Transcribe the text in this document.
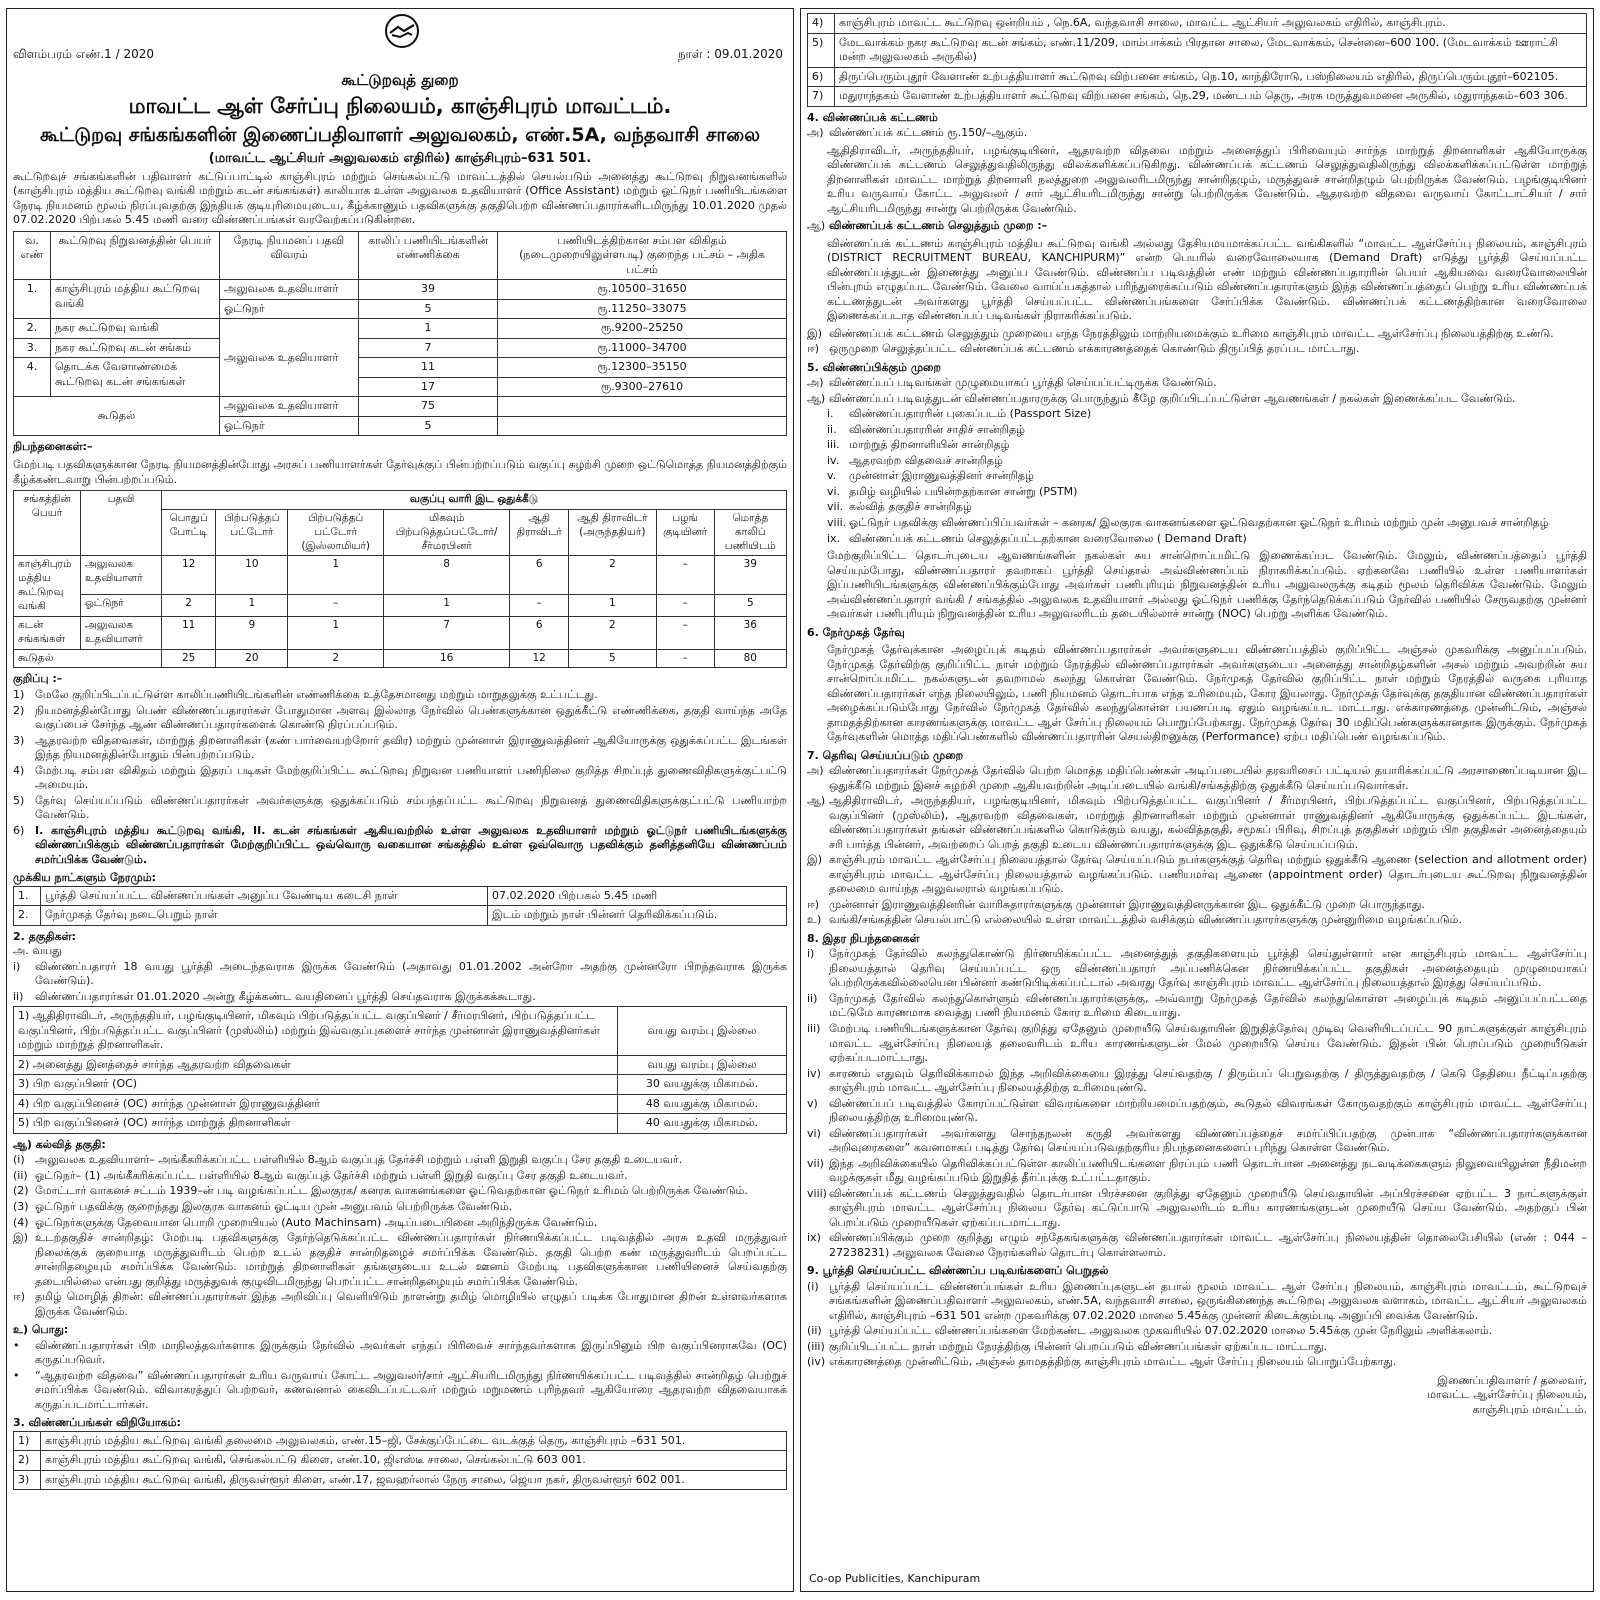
விளம்பரம் எண்.1 / 2020	நாள் : 09.01.2020
கூட்டுறவுத் துறை
மாவட்ட ஆள் சேர்ப்பு நிலையம், காஞ்சிபுரம் மாவட்டம்.
கூட்டுறவு சங்கங்களின் இணைப்பதிவாளர் அலுவலகம், எண்.5A, வந்தவாசி சாலை
(மாவட்ட ஆட்சியர் அலுவலகம் எதிரில்) காஞ்சிபுரம்–631 501.
கூட்டுறவுச் சங்கங்களின் பதிவாளர் கட்டுப்பாட்டில் காஞ்சிபுரம் மற்றும் செங்கல்பட்டு மாவட்டத்தில் செயல்படும் அனைத்து கூட்டுறவு நிறுவனங்களில் (காஞ்சிபுரம் மத்திய கூட்டுறவு வங்கி மற்றும் கடன் சங்கங்கள்) காலியாக உள்ள அலுவலக உதவியாளர் (Office Assistant) மற்றும் ஓட்டுநர் பணியிடங்களை நேரடி நியமனம் மூலம் நிரப்புவதற்கு இந்தியக் குடியுரிமையுடைய, கீழ்க்காணும் பதவிகளுக்கு தகுதிபெற்ற விண்ணப்பதாரர்களிடமிருந்து 10.01.2020 முதல் 07.02.2020 பிற்பகல் 5.45 மணி வரை விண்ணப்பங்கள் வரவேற்கப்படுகின்றன.
வ. எண்	கூட்டுறவு நிறுவனத்தின் பெயர்	நேரடி நியமனப் பதவி விவரம்	காலிப் பணியிடங்களின் எண்ணிக்கை	பணியிடத்திற்கான சம்பள விகிதம் (நடைமுறையிலுள்ளபடி) குறைந்த பட்சம் – அதிக பட்சம்
1.	காஞ்சிபுரம் மத்திய கூட்டுறவு வங்கி	அலுவலக உதவியாளர்	39	ரூ.10500–31650
		ஓட்டுநர்	5	ரூ.11250–33075
2.	நகர கூட்டுறவு வங்கி	அலுவலக உதவியாளர்	1	ரூ.9200–25250
3.	நகர கூட்டுறவு கடன் சங்கம்		7	ரூ.11000–34700
4.	தொடக்க வேளாண்மைக் கூட்டுறவு கடன் சங்கங்கள்		11	ரூ.12300–35150
			17	ரூ.9300–27610
கூடுதல்		அலுவலக உதவியாளர்	75	
		ஓட்டுநர்	5	
நிபந்தனைகள்:–
மேற்படி பதவிகளுக்கான நேரடி நியமனத்தின்போது அரசுப் பணியாளர்கள் தேர்வுக்குப் பின்பற்றப்படும் வகுப்பு சுழற்சி முறை ஒட்டுமொத்த நியமனத்திற்கும் கீழ்க்கண்டவாறு பின்பற்றப்படும்.
சங்கத்தின் பெயர்	பதவி	வகுப்பு வாரி இட ஒதுக்கீடு							
		பொதுப் போட்டி	பிற்படுத்தப் பட்டோர்	பிற்படுத்தப் பட்டோர் (இஸ்லாமியர்)	மிகவும் பிற்படுத்தப்பட்டோர்/ சீர்மரபினர்	ஆதி திராவிடர்	ஆதி திராவிடர் (அருந்ததியர்)	பழங் குடியினர்	மொத்த காலிப் பணியிடம்
காஞ்சிபுரம் மத்திய கூட்டுறவு வங்கி	அலுவலக உதவியாளர்	12	10	1	8	6	2	–	39
	ஓட்டுநர்	2	1	–	1	–	1	–	5
கடன் சங்கங்கள்	அலுவலக உதவியாளர்	11	9	1	7	6	2	–	36
கூடுதல்		25	20	2	16	12	5	–	80
குறிப்பு :–
1) மேலே குறிப்பிடப்பட்டுள்ள காலிப்பணியிடங்களின் எண்ணிக்கை உத்தேசமானது மற்றும் மாறுதலுக்கு உட்பட்டது.
2) நியமனத்தின்போது பெண் விண்ணப்பதாரர்கள் போதுமான அளவு இல்லாத நேர்வில் பெண்களுக்கான ஒதுக்கீட்டு எண்ணிக்கை, தகுதி வாய்ந்த அதே வகுப்பைச் சேர்ந்த ஆண் விண்ணப்பதாரர்களைக் கொண்டு நிரப்பப்படும்.
3) ஆதரவற்ற விதவைகள், மாற்றுத் திறனாளிகள் (கண் பார்வையற்றோர் தவிர) மற்றும் முன்னாள் இராணுவத்தினர் ஆகியோருக்கு ஒதுக்கப்பட்ட இடங்கள் இந்த நியமனத்தின்போதும் பின்பற்றப்படும்.
4) மேற்படி சம்பள விகிதம் மற்றும் இதரப் படிகள் மேற்குறிப்பிட்ட கூட்டுறவு நிறுவன பணியாளர் பணிநிலை குறித்த சிறப்புத் துணைவிதிகளுக்குட்பட்டு அமையும்.
5) தேர்வு செய்யப்படும் விண்ணப்பதாரர்கள் அவர்களுக்கு ஒதுக்கப்படும் சம்பந்தப்பட்ட கூட்டுறவு நிறுவனத் துணைவிதிகளுக்குட்பட்டு பணியாற்ற வேண்டும்.
6) I. காஞ்சிபுரம் மத்திய கூட்டுறவு வங்கி, II. கடன் சங்கங்கள் ஆகியவற்றில் உள்ள அலுவலக உதவியாளர் மற்றும் ஓட்டுநர் பணியிடங்களுக்கு விண்ணப்பிக்கும் விண்ணப்பதாரர்கள் மேற்குறிப்பிட்ட ஒவ்வொரு வகையான சங்கத்தில் உள்ள ஒவ்வொரு பதவிக்கும் தனித்தனியே விண்ணப்பம் சமர்ப்பிக்க வேண்டும்.
முக்கிய நாட்களும் நேரமும்:
1.	பூர்த்தி செய்யப்பட்ட விண்ணப்பங்கள் அனுப்ப வேண்டிய கடைசி நாள்	07.02.2020 பிற்பகல் 5.45 மணி
2.	நேர்முகத் தேர்வு நடைபெறும் நாள்	இடம் மற்றும் நாள் பின்னர் தெரிவிக்கப்படும்.
2. தகுதிகள்:
அ. வயது
i)	விண்ணப்பதாரர் 18 வயது பூர்த்தி அடைந்தவராக இருக்க வேண்டும் (அதாவது 01.01.2002 அன்றோ அதற்கு முன்னரோ பிறந்தவராக இருக்க வேண்டும்).
ii)	விண்ணப்பதாரர்கள் 01.01.2020 அன்று கீழ்க்கண்ட வயதினைப் பூர்த்தி செய்தவராக இருக்கக்கூடாது.
1) ஆதிதிராவிடர், அருந்ததியர், பழங்குடியினர், மிகவும் பிற்படுத்தப்பட்ட வகுப்பினர் / சீர்மரபினர், பிற்படுத்தப்பட்ட வகுப்பினர், பிற்படுத்தப்பட்ட வகுப்பினர் (முஸ்லிம்) மற்றும் இவ்வகுப்புகளைச் சார்ந்த முன்னாள் இராணுவத்தினர்கள் மற்றும் மாற்றுத் திறனாளிகள்.	வயது வரம்பு இல்லை
2) அனைத்து இனத்தைச் சார்ந்த ஆதரவற்ற விதவைகள்	வயது வரம்பு இல்லை
3) பிற வகுப்பினர் (OC)	30 வயதுக்கு மிகாமல்.
4) பிற வகுப்பினைச் (OC) சார்ந்த முன்னாள் இராணுவத்தினர்	48 வயதுக்கு மிகாமல்.
5) பிற வகுப்பினைச் (OC) சார்ந்த மாற்றுத் திறனாளிகள்	40 வயதுக்கு மிகாமல்.
ஆ) கல்வித் தகுதி:
(i) அலுவலக உதவியாளர்– அங்கீகரிக்கப்பட்ட பள்ளியில் 8ஆம் வகுப்புத் தேர்ச்சி மற்றும் பள்ளி இறுதி வகுப்பு சேர தகுதி உடையவர்.
(ii) ஓட்டுநர்– (1) அங்கீகரிக்கப்பட்ட பள்ளியில் 8ஆம் வகுப்புத் தேர்ச்சி மற்றும் பள்ளி இறுதி வகுப்பு சேர தகுதி உடையவர்.
(2) மோட்டார் வாகனச் சட்டம் 1939–ன் படி வழங்கப்பட்ட இலகுரக/ கனரக வாகனங்களை ஓட்டுவதற்கான ஓட்டுநர் உரிமம் பெற்றிருக்க வேண்டும்.
(3) ஓட்டுநர் பதவிக்கு குறைந்தது இலகுரக வாகனம் ஓட்டிய முன் அனுபவம் பெற்றிருக்க வேண்டும்.
(4) ஓட்டுநர்களுக்கு தேவையான பொறி முறையியல் (Auto Machinsam) அடிப்படையினை அறிந்திருக்க வேண்டும்.
இ) உடற்தகுதிச் சான்றிதழ்: மேற்படி பதவிகளுக்கு தேர்ந்தெடுக்கப்பட்ட விண்ணப்பதாரர்கள் நிர்ணயிக்கப்பட்ட படிவத்தில் அரசு உதவி மருத்துவர் நிலைக்குக் குறையாத மருத்துவரிடம் பெற்ற உடல் தகுதிச் சான்றிதழைச் சமர்ப்பிக்க வேண்டும். தகுதி பெற்ற கண் மருத்துவரிடம் பெறப்பட்ட சான்றிதழையும் சமர்ப்பிக்க வேண்டும். மாற்றுத் திறனாளிகள் தங்களுடைய உடல் ஊனம் மேற்படி பதவிகளுக்கான பணியினைச் செய்வதற்கு தடையில்லை என்பது குறித்து மருத்துவக் குழுவிடமிருந்து பெறப்பட்ட சான்றிதழையும் சமர்ப்பிக்க வேண்டும்.
ஈ) தமிழ் மொழித் திறன்: விண்ணப்பதாரர்கள் இந்த அறிவிப்பு வெளியிடும் நாளன்று தமிழ் மொழியில் எழுதப் படிக்க போதுமான திறன் உள்ளவர்களாக இருக்க வேண்டும்.
உ) பொது:
•	விண்ணப்பதாரர்கள் பிற மாநிலத்தவர்களாக இருக்கும் நேர்வில் அவர்கள் எந்தப் பிரிவைச் சார்ந்தவர்களாக இருப்பினும் பிற வகுப்பினராகவே (OC) கருதப்படுவர்.
•	“ஆதரவற்ற விதவை” விண்ணப்பதாரர்கள் உரிய வருவாய் கோட்ட அலுவலர்/சார் ஆட்சியரிடமிருந்து நிர்ணயிக்கப்பட்ட படிவத்தில் சான்றிதழ் பெற்றுச் சமர்ப்பிக்க வேண்டும். விவாகரத்துப் பெற்றவர், கணவனால் கைவிடப்பட்டவர் மற்றும் மறுமணம் புரிந்தவர் ஆகியோரை ஆதரவற்ற விதவையாகக் கருதப்படமாட்டார்கள்.
3. விண்ணப்பங்கள் விநியோகம்:
1)	காஞ்சிபுரம் மத்திய கூட்டுறவு வங்கி தலைமை அலுவலகம், எண்.15–ஜி, சேக்குப்பேட்டை வடக்குத் தெரு, காஞ்சிபுரம் –631 501.
2)	காஞ்சிபுரம் மத்திய கூட்டுறவு வங்கி, செங்கல்பட்டு கிளை, எண்.10, ஜிஎஸ்டீ சாலை, செங்கல்பட்டு 603 001.
3)	காஞ்சிபுரம் மத்திய கூட்டுறவு வங்கி, திருவள்ளூர் கிளை, எண்.17, ஜவஹர்லால் நேரு சாலை, ஜெயா நகர், திருவள்ளூர் 602 001.
4)	காஞ்சிபுரம் மாவட்ட கூட்டுறவு ஒன்றியம் , நெ.6A, வந்தவாசி சாலை, மாவட்ட ஆட்சியர் அலுவலகம் எதிரில், காஞ்சிபுரம்.
5)	மேடவாக்கம் நகர கூட்டுறவு கடன் சங்கம், எண்.11/209, மாம்பாக்கம் பிரதான சாலை, மேடவாக்கம், சென்னை–600 100. (மேடவாக்கம் ஊராட்சி மன்ற அலுவலகம் அருகில்)
6)	திருப்பெரும்புதூர் வேளாண் உற்பத்தியாளர் கூட்டுறவு விற்பனை சங்கம், நெ.10, காந்திரோடு, பஸ்நிலையம் எதிரில், திருப்பெரும்புதூர்–602105.
7)	மதுராந்தகம் வேளாண் உற்பத்தியாளர் கூட்டுறவு விற்பனை சங்கம், நெ.29, மண்டபம் தெரு, அரசு மருத்துவமனை அருகில், மதுராந்தகம்–603 306.
4. விண்ணப்பக் கட்டணம்
அ) விண்ணப்பக் கட்டணம் ரூ.150/–ஆகும்.
ஆதிதிராவிடர், அருந்ததியர், பழங்குடியினர், ஆதரவற்ற விதவை மற்றும் அனைத்துப் பிரிவையும் சார்ந்த மாற்றுத் திறனாளிகள் ஆகியோருக்கு விண்ணப்பக் கட்டணம் செலுத்துவதிலிருந்து விலக்களிக்கப்படுகிறது. விண்ணப்பக் கட்டணம் செலுத்துவதிலிருந்து விலக்களிக்கப்பட்டுள்ள மாற்றுத் திறனாளிகள் மாவட்ட மாற்றுத் திறனாளி நலத்துறை அலுவலரிடமிருந்து சான்றிதழும், மருத்துவச் சான்றிதழும் பெற்றிருக்க வேண்டும். பழங்குடியினர் உரிய வருவாய் கோட்ட அலுவலர் / சார் ஆட்சியரிடமிருந்து சான்று பெற்றிருக்க வேண்டும். ஆதரவற்ற விதவை வருவாய் கோட்டாட்சியர் / சார் ஆட்சியரிடமிருந்து சான்று பெற்றிருக்க வேண்டும்.
ஆ) விண்ணப்பக் கட்டணம் செலுத்தும் முறை :–
விண்ணப்பக் கட்டணம் காஞ்சிபுரம் மத்திய கூட்டுறவு வங்கி அல்லது தேசியமயமாக்கப்பட்ட வங்கிகளில் “மாவட்ட ஆள்சேர்ப்பு நிலையம், காஞ்சிபுரம் (DISTRICT RECRUITMENT BUREAU, KANCHIPURM)” என்ற பெயரில் வரைவோலையாக (Demand Draft) எடுத்து பூர்த்தி செய்யப்பட்ட விண்ணப்பத்துடன் இணைத்து அனுப்ப வேண்டும். விண்ணப்ப படிவத்தின் எண் மற்றும் விண்ணப்பதாரரின் பெயர் ஆகியவை வரைவோலையின் பின்புறம் எழுதப்பட வேண்டும். வேலை வாய்ப்பகத்தால் பரிந்துரைக்கப்படும் விண்ணப்பதாரர்களும் இந்த விண்ணப்பத்தைப் பெற்று உரிய விண்ணப்பக் கட்டணத்துடன் அவர்களது பூர்த்தி செய்யப்பட்ட விண்ணப்பங்களை சேர்ப்பிக்க வேண்டும். விண்ணப்பக் கட்டணத்திற்கான வரைவோலை இணைக்கப்படாத விண்ணப்பப் படிவங்கள் நிராகரிக்கப்படும்.
இ) விண்ணப்பக் கட்டணம் செலுத்தும் முறையை எந்த நேரத்திலும் மாற்றியமைக்கும் உரிமை காஞ்சிபுரம் மாவட்ட ஆள்சேர்ப்பு நிலையத்திற்கு உண்டு.
ஈ) ஒருமுறை செலுத்தப்பட்ட விண்ணப்பக் கட்டணம் எக்காரணத்தைக் கொண்டும் திருப்பித் தரப்பட மாட்டாது.
5. விண்ணப்பிக்கும் முறை
அ) விண்ணப்பப் படிவங்கள் முழுமையாகப் பூர்த்தி செய்யப்பட்டிருக்க வேண்டும்.
ஆ) விண்ணப்பப் படிவத்துடன் விண்ணப்பதாரருக்கு பொருந்தும் கீழே குறிப்பிடப்பட்டுள்ள ஆவணங்கள் / நகல்கள் இணைக்கப்பட வேண்டும்.
i.	விண்ணப்பதாரரின் புகைப்படம் (Passport Size)
ii.	விண்ணப்பதாரரின் சாதிச் சான்றிதழ்
iii. மாற்றுத் திறனாளியின் சான்றிதழ்
iv. ஆதரவற்ற விதவைச் சான்றிதழ்
v.	முன்னாள் இராணுவத்தினர் சான்றிதழ்
vi. தமிழ் வழியில் பயின்றதற்கான சான்று (PSTM)
vii. கல்வித் தகுதிச் சான்றிதழ்
viii. ஓட்டுநர் பதவிக்கு விண்ணப்பிப்பவர்கள் – கனரக/ இலகுரக வாகனங்களை ஓட்டுவதற்கான ஓட்டுநர் உரிமம் மற்றும் முன் அனுபவச் சான்றிதழ்
ix. விண்ணப்பக் கட்டணம் செலுத்தப்பட்டதற்கான வரைவோலை ( Demand Draft)
மேற்குறிப்பிட்ட தொடர்புடைய ஆவணங்களின் நகல்கள் சுய சான்றொப்பமிட்டு இணைக்கப்பட வேண்டும். மேலும், விண்ணப்பத்தைப் பூர்த்தி செய்யும்போது, விண்ணப்பதாரர் தவறாகப் பூர்த்தி செய்தால் அவ்விண்ணப்பம் நிராகரிக்கப்படும். ஏற்கனவே பணியில் உள்ள பணியாளர்கள் இப்பணியிடங்களுக்கு விண்ணப்பிக்கும்போது அவர்கள் பணிபுரியும் நிறுவனத்தின் உரிய அலுவலருக்கு கடிதம் மூலம் தெரிவிக்க வேண்டும். மேலும் அவ்விண்ணப்பதாரர் வங்கி / சங்கத்தில் அலுவலக உதவியாளர் அல்லது ஓட்டுநர் பணிக்கு தேர்ந்தெடுக்கப்படும் நேர்வில் பணியில் சேருவதற்கு முன்னர் அவர்கள் பணிபுரியும் நிறுவனத்தின் உரிய அலுவலரிடம் தடையில்லாச் சான்று (NOC) பெற்று அளிக்க வேண்டும்.
6. நேர்முகத் தேர்வு
நேர்முகத் தேர்வுக்கான அழைப்புக் கடிதம் விண்ணப்பதாரர்கள் அவர்களுடைய விண்ணப்பத்தில் குறிப்பிட்ட அஞ்சல் முகவரிக்கு அனுப்பப்படும். நேர்முகத் தேர்விற்கு குறிப்பிட்ட நாள் மற்றும் நேரத்தில் விண்ணப்பதாரர்கள் அவர்களுடைய அனைத்து சான்றிதழ்களின் அசல் மற்றும் அவற்றின் சுய சான்றொப்பமிட்ட நகல்களுடன் தவறாமல் கலந்து கொள்ள வேண்டும். நேர்முகத் தேர்வில் குறிப்பிட்ட நாள் மற்றும் நேரத்தில் வருகை புரியாத விண்ணப்பதாரர்கள் எந்த நிலையிலும், பணி நியமனம் தொடர்பாக எந்த உரிமையும், கோர இயலாது. நேர்முகத் தேர்வுக்கு தகுதியான விண்ணப்பதாரர்கள் அழைக்கப்படும்போது நேர்வில் நேர்முகத் தேர்வில் கலந்துகொள்ள பயணப்படி ஏதும் வழங்கப்பட மாட்டாது. எக்காரணத்தை முன்னிட்டும், அஞ்சல் தாமதத்திற்கான காரணங்களுக்கு மாவட்ட ஆள் சேர்ப்பு நிலையம் பொறுப்பேற்காது. நேர்முகத் தேர்வு 30 மதிப்பெண்களுக்கானதாக இருக்கும். நேர்முகத் தேர்வுகளின் மொத்த மதிப்பெண்களில் விண்ணப்பதாரரின் செயல்திறனுக்கு (Performance) ஏற்ப மதிப்பெண் வழங்கப்படும்.
7. தெரிவு செய்யப்படும் முறை
அ) விண்ணப்பதாரர்கள் நேர்முகத் தேர்வில் பெற்ற மொத்த மதிப்பெண்கள் அடிப்படையில் தரவரிசைப் பட்டியல் தயாரிக்கப்பட்டு அரசாணைப்படியான இட ஒதுக்கீடு மற்றும் இனச் சுழற்சி முறை ஆகியவற்றின் அடிப்படையில் வங்கி/சங்கத்திற்கு ஒதுக்கீடு செய்யப்படுவார்கள்.
ஆ) ஆதிதிராவிடர், அருந்ததியர், பழங்குடியினர், மிகவும் பிற்படுத்தப்பட்ட வகுப்பினர் / சீர்மரபினர், பிற்படுத்தப்பட்ட வகுப்பினர், பிற்படுத்தப்பட்ட வகுப்பினர் (முஸ்லிம்), ஆதரவற்ற விதவைகள், மாற்றுத் திறனாளிகள் மற்றும் முன்னாள் ராணுவத்தினர் ஆகியோருக்கு ஒதுக்கப்பட்ட இடங்கள், விண்ணப்பதாரர்கள் தங்கள் விண்ணப்பங்களில் கொடுக்கும் வயது, கல்வித்தகுதி, சமூகப் பிரிவு, சிறப்புத் தகுதிகள் மற்றும் பிற தகுதிகள் அனைத்தையும் சரி பார்த்த பின்னர், அவற்றைப் பெறத் தகுதி உடைய விண்ணப்பதாரர்களுக்கு இட ஒதுக்கீடு செய்யப்படும்.
இ) காஞ்சிபுரம் மாவட்ட ஆள்சேர்ப்பு நிலையத்தால் தேர்வு செய்யப்படும் நபர்களுக்குத் தெரிவு மற்றும் ஒதுக்கீடு ஆணை (selection and allotment order) காஞ்சிபுரம் மாவட்ட ஆள்சேர்ப்பு நிலையத்தால் வழங்கப்படும். பணியமர்வு ஆணை (appointment order) தொடர்புடைய கூட்டுறவு நிறுவனத்தின் தலைமை வாய்ந்த அலுவலரால் வழங்கப்படும்.
ஈ) முன்னாள் இராணுவத்தினரின் வாரிசுதாரர்களுக்கு முன்னாள் இராணுவத்தினருக்கான இட ஒதுக்கீட்டு முறை பொருந்தாது.
உ) வங்கி/சங்கத்தின் செயல்பாட்டு எல்லையில் உள்ள மாவட்டத்தில் வசிக்கும் விண்ணப்பதாரர்களுக்கு முன்னுரிமை வழங்கப்படும்.
8. இதர நிபந்தனைகள்
i)	நேர்முகத் தேர்வில் கலந்துகொண்டு நிர்ணயிக்கப்பட்ட அனைத்துத் தகுதிகளையும் பூர்த்தி செய்துள்ளார் என காஞ்சிபுரம் மாவட்ட ஆள்சேர்ப்பு நிலையத்தால் தெரிவு செய்யப்பட்ட ஒரு விண்ணப்பதாரர் அப்பணிக்கென நிர்ணயிக்கப்பட்ட தகுதிகள் அனைத்தையும் முழுமையாகப் பெற்றிருக்கவில்லையென பின்னர் கண்டுபிடிக்கப்பட்டால் அவரது தேர்வு காஞ்சிபுரம் மாவட்ட ஆள்சேர்ப்பு நிலையத்தால் இரத்து செய்யப்படும்.
ii)	நேர்முகத் தேர்வில் கலந்துகொள்ளும் விண்ணப்பதாரர்களுக்கு, அவ்வாறு நேர்முகத் தேர்வில் கலந்துகொள்ள அழைப்புக் கடிதம் அனுப்பப்பட்டதை மட்டுமே காரணமாக வைத்து பணி நியமனம் கோர உரிமை கிடையாது.
iii) மேற்படி பணியிடங்களுக்கான தேர்வு குறித்து ஏதேனும் முறையீடு செய்வதாயின் இறுதித்தேர்வு முடிவு வெளியிடப்பட்ட 90 நாட்களுக்குள் காஞ்சிபுரம் மாவட்ட ஆள்சேர்ப்பு நிலையத் தலைவரிடம் உரிய காரணங்களுடன் மேல் முறையீடு செய்ய வேண்டும். இதன் பின் பெறப்படும் முறையீடுகள் ஏற்கப்படமாட்டாது.
iv) காரணம் எதுவும் தெரிவிக்காமல் இந்த அறிவிக்கையை இரத்து செய்வதற்கு / திரும்பப் பெறுவதற்கு / திருத்துவதற்கு / கெடு தேதியை நீட்டிப்பதற்கு காஞ்சிபுரம் மாவட்ட ஆள்சேர்ப்பு நிலையத்திற்கு உரிமையுண்டு.
v)	விண்ணப்பப் படிவத்தில் கோரப்பட்டுள்ள விவரங்களை மாற்றியமைப்பதற்கும், கூடுதல் விவரங்கள் கோருவதற்கும் காஞ்சிபுரம் மாவட்ட ஆள்சேர்ப்பு நிலையத்திற்கு உரிமையுண்டு.
vi) விண்ணப்பதாரர்கள் அவர்களது சொந்தநலன் கருதி அவர்களது விண்ணப்பத்தைச் சமர்ப்பிப்பதற்கு முன்பாக “விண்ணப்பதாரர்களுக்கான அறிவுரைகளை” கவனமாகப் படித்து தேர்வு செய்யப்படுவதற்குரிய நிபந்தனைகளைப் புரிந்து கொள்ள வேண்டும்.
vii) இந்த அறிவிக்கையில் தெரிவிக்கப்பட்டுள்ள காலிப்பணியிடங்களை நிரப்பும் பணி தொடர்பான அனைத்து நடவடிக்கைகளும் நிலுவையிலுள்ள நீதிமன்ற வழக்குகள் மீது வழங்கப்படும் இறுதித் தீர்ப்புக்கு உட்பட்டதாகும்.
viii) விண்ணப்பக் கட்டணம் செலுத்துவதில் தொடர்பான பிரச்சனை குறித்து ஏதேனும் முறையீடு செய்வதாயின் அப்பிரச்சனை ஏற்பட்ட 3 நாட்களுக்குள் காஞ்சிபுரம் மாவட்ட ஆள்சேர்ப்பு நிலைய தேர்வு கட்டுப்பாடு அலுவலரிடம் உரிய காரணங்களுடன் முறையீடு செய்ய வேண்டும். அதற்குப் பின் பெறப்படும் முறையீடுகள் ஏற்கப்படமாட்டாது.
ix) விண்ணப்பிக்கும் முறை குறித்து எழும் சந்தேகங்களுக்கு விண்ணப்பதாரர்கள் மாவட்ட ஆள்சேர்ப்பு நிலையத்தின் தொலைபேசியில் (எண் : 044 – 27238231) அலுவலக வேலை நேரங்களில் தொடர்பு கொள்ளலாம்.
9. பூர்த்தி செய்யப்பட்ட விண்ணப்ப படிவங்களைப் பெறுதல்
(i) பூர்த்தி செய்யப்பட்ட விண்ணப்பங்கள் உரிய இணைப்புகளுடன் தபால் மூலம் மாவட்ட ஆள் சேர்ப்பு நிலையம், காஞ்சிபுரம் மாவட்டம், கூட்டுறவுச் சங்கங்களின் இணைப்பதிவாளர் அலுவலகம், எண்.5A, வந்தவாசி சாலை, ஒருங்கிணைந்த கூட்டுறவு அலுவலக வளாகம், மாவட்ட ஆட்சியர் அலுவலகம் எதிரில், காஞ்சிபுரம் –631 501 என்ற முகவரிக்கு 07.02.2020 மாலை 5.45க்கு முன்னர் கிடைக்கும்படி அனுப்பி வைக்க வேண்டும்.
(ii) பூர்த்தி செய்யப்பட்ட விண்ணப்பங்களை மேற்கண்ட அலுவலக முகவரியில் 07.02.2020 மாலை 5.45க்கு முன் நேரிலும் அளிக்கலாம்.
(iii) குறிப்பிடப்பட்ட நாள் மற்றும் நேரத்திற்கு பின்னர் பெறப்படும் விண்ணப்பங்கள் ஏற்கப்பட மாட்டாது.
(iv) எக்காரணத்தை முன்னிட்டும், அஞ்சல் தாமதத்திற்கு காஞ்சிபுரம் மாவட்ட ஆள் சேர்ப்பு நிலையம் பொறுப்பேற்காது.
இணைப்பதிவாளர் / தலைவர்,
மாவட்ட ஆள்சேர்ப்பு நிலையம்,
காஞ்சிபுரம் மாவட்டம்.
Co-op Publicities, Kanchipuram
